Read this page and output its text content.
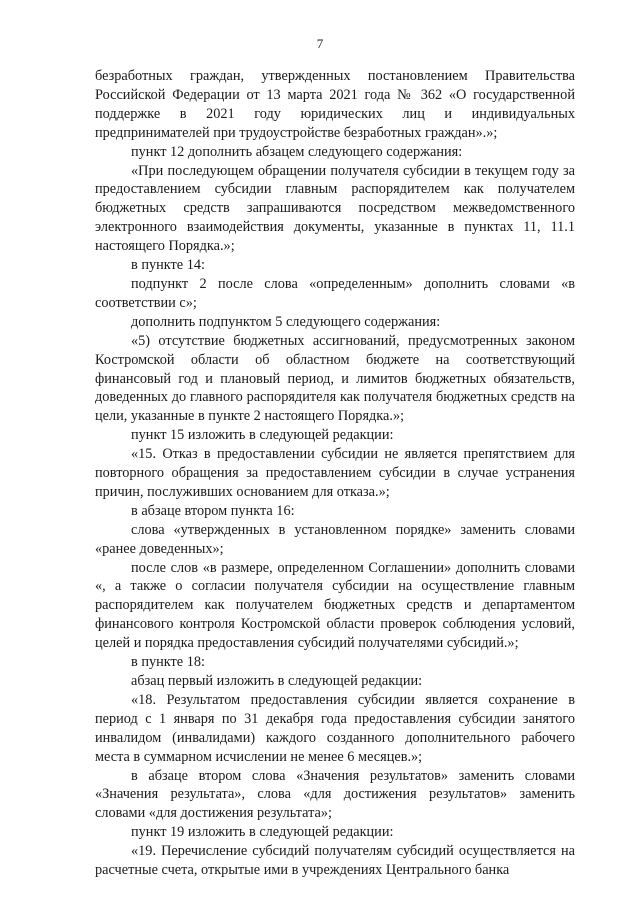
7

безработных граждан, утвержденных постановлением Правительства Российской Федерации от 13 марта 2021 года № 362 «О государственной поддержке в 2021 году юридических лиц и индивидуальных предпринимателей при трудоустройстве безработных граждан».»;

пункт 12 дополнить абзацем следующего содержания:

«При последующем обращении получателя субсидии в текущем году за предоставлением субсидии главным распорядителем как получателем бюджетных средств запрашиваются посредством межведомственного электронного взаимодействия документы, указанные в пунктах 11, 11.1 настоящего Порядка.»;

в пункте 14:

подпункт 2 после слова «определенным» дополнить словами «в соответствии с»;

дополнить подпунктом 5 следующего содержания:

«5) отсутствие бюджетных ассигнований, предусмотренных законом Костромской области об областном бюджете на соответствующий финансовый год и плановый период, и лимитов бюджетных обязательств, доведенных до главного распорядителя как получателя бюджетных средств на цели, указанные в пункте 2 настоящего Порядка.»;

пункт 15 изложить в следующей редакции:

«15. Отказ в предоставлении субсидии не является препятствием для повторного обращения за предоставлением субсидии в случае устранения причин, послуживших основанием для отказа.»;

в абзаце втором пункта 16:

слова «утвержденных в установленном порядке» заменить словами «ранее доведенных»;

после слов «в размере, определенном Соглашении» дополнить словами «, а также о согласии получателя субсидии на осуществление главным распорядителем как получателем бюджетных средств и департаментом финансового контроля Костромской области проверок соблюдения условий, целей и порядка предоставления субсидий получателями субсидий.»;

в пункте 18:

абзац первый изложить в следующей редакции:

«18. Результатом предоставления субсидии является сохранение в период с 1 января по 31 декабря года предоставления субсидии занятого инвалидом (инвалидами) каждого созданного дополнительного рабочего места в суммарном исчислении не менее 6 месяцев.»;

в абзаце втором слова «Значения результатов» заменить словами «Значения результата», слова «для достижения результатов» заменить словами «для достижения результата»;

пункт 19 изложить в следующей редакции:

«19. Перечисление субсидий получателям субсидий осуществляется на расчетные счета, открытые ими в учреждениях Центрального банка
